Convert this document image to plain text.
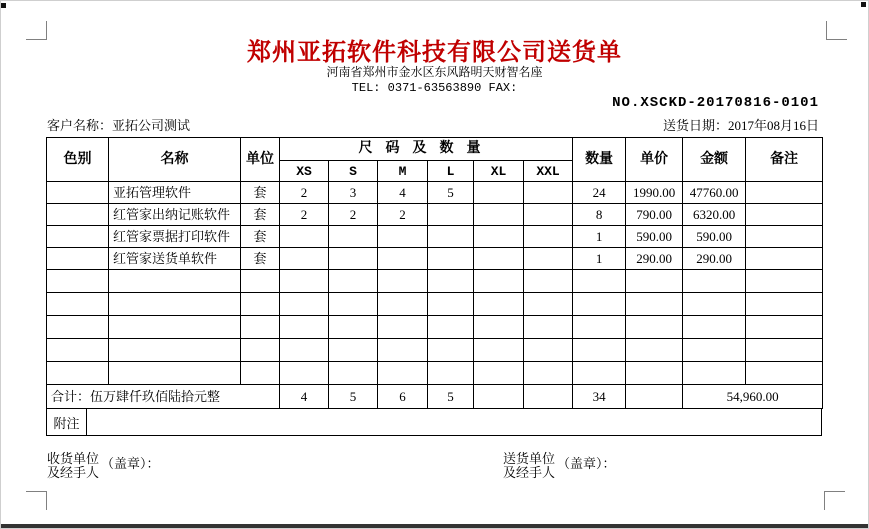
郑州亚拓软件科技有限公司送货单
河南省郑州市金水区东风路明天财智名座
TEL: 0371-63563890 FAX:
NO.XSCKD-20170816-0101
客户名称：亚拓公司测试	送货日期：2017年08月16日
色别	名称	单位	尺码及数量						数量	单价	金额	备注
			XS	S	M	L	XL	XXL				
	亚拓管理软件	套	2	3	4	5			24	1990.00	47760.00	
	红管家出纳记账软件	套	2	2	2				8	790.00	6320.00	
	红管家票据打印软件	套							1	590.00	590.00	
	红管家送货单软件	套							1	290.00	290.00	

合计：伍万肆仟玖佰陆拾元整			4	5	6	5			34		54,960.00	
附注
收货单位
及经手人
（盖章）：	送货单位
及经手人
（盖章）：
